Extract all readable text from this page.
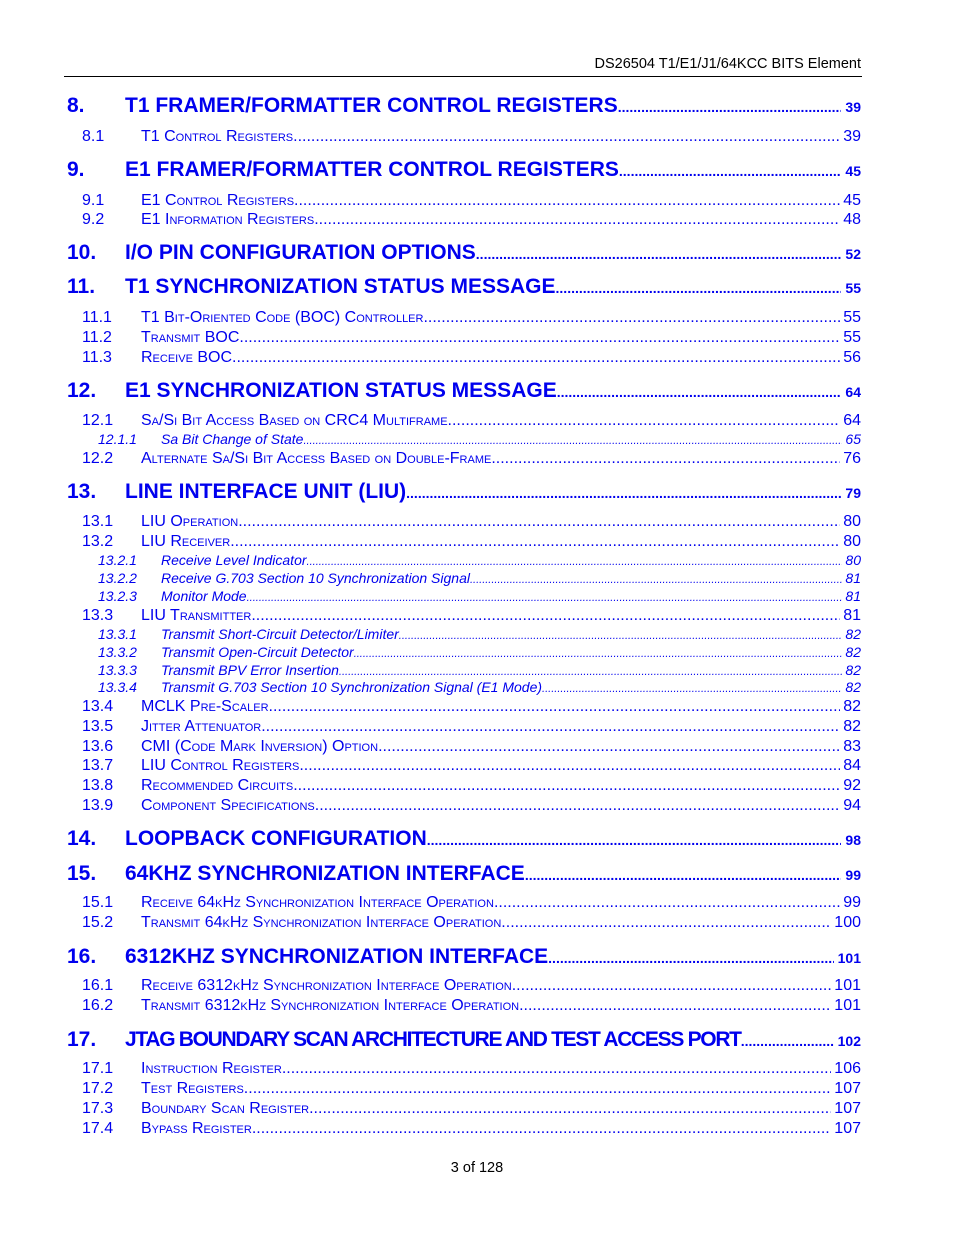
DS26504 T1/E1/J1/64KCC BITS Element
8.	T1 FRAMER/FORMATTER CONTROL REGISTERS .....	39
8.1	T1 Control Registers .....	39
9.	E1 FRAMER/FORMATTER CONTROL REGISTERS .....	45
9.1	E1 Control Registers .....	45
9.2	E1 Information Registers .....	48
10.	I/O PIN CONFIGURATION OPTIONS .....	52
11.	T1 SYNCHRONIZATION STATUS MESSAGE .....	55
11.1	T1 Bit-Oriented Code (BOC) Controller .....	55
11.2	Transmit BOC .....	55
11.3	Receive BOC .....	56
12.	E1 SYNCHRONIZATION STATUS MESSAGE .....	64
12.1	Sa/Si Bit Access Based on CRC4 Multiframe .....	64
12.1.1	Sa Bit Change of State .....	65
12.2	Alternate Sa/Si Bit Access Based on Double-Frame .....	76
13.	LINE INTERFACE UNIT (LIU) .....	79
13.1	LIU Operation .....	80
13.2	LIU Receiver .....	80
13.2.1	Receive Level Indicator .....	80
13.2.2	Receive G.703 Section 10 Synchronization Signal .....	81
13.2.3	Monitor Mode .....	81
13.3	LIU Transmitter .....	81
13.3.1	Transmit Short-Circuit Detector/Limiter .....	82
13.3.2	Transmit Open-Circuit Detector .....	82
13.3.3	Transmit BPV Error Insertion .....	82
13.3.4	Transmit G.703 Section 10 Synchronization Signal (E1 Mode) .....	82
13.4	MCLK Pre-Scaler .....	82
13.5	Jitter Attenuator .....	82
13.6	CMI (Code Mark Inversion) Option .....	83
13.7	LIU Control Registers .....	84
13.8	Recommended Circuits .....	92
13.9	Component Specifications .....	94
14.	LOOPBACK CONFIGURATION .....	98
15.	64KHZ SYNCHRONIZATION INTERFACE .....	99
15.1	Receive 64kHz Synchronization Interface Operation .....	99
15.2	Transmit 64kHz Synchronization Interface Operation .....	100
16.	6312KHZ SYNCHRONIZATION INTERFACE .....	101
16.1	Receive 6312kHz Synchronization Interface Operation .....	101
16.2	Transmit 6312kHz Synchronization Interface Operation .....	101
17.	JTAG BOUNDARY SCAN ARCHITECTURE AND TEST ACCESS PORT .....	102
17.1	Instruction Register .....	106
17.2	Test Registers .....	107
17.3	Boundary Scan Register .....	107
17.4	Bypass Register .....	107
3 of 128
